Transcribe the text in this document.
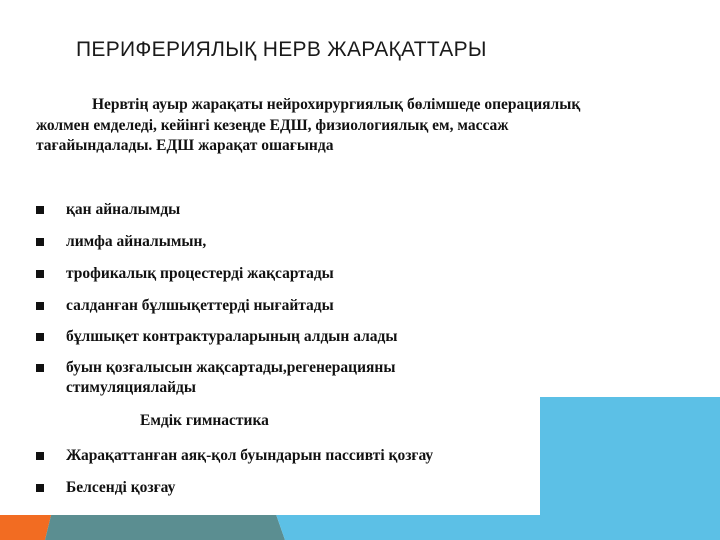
ПЕРИФЕРИЯЛЫҚ НЕРВ ЖАРАҚАТТАРЫ
Нервтің ауыр жарақаты нейрохирургиялық бөлімшеде операциялық жолмен емделеді, кейінгі кезеңде ЕДШ, физиологиялық ем, массаж тағайындалады. ЕДШ жарақат ошағында
қан айналымды
лимфа айналымын,
трофикалық процестерді жақсартады
салданған бұлшықеттерді нығайтады
бұлшықет контрактураларының алдын алады
буын қозғалысын жақсартады,регенерацияны стимуляциялайды
Емдік гимнастика
Жарақаттанған аяқ-қол буындарын пассивті қозғау
Белсенді қозғау
